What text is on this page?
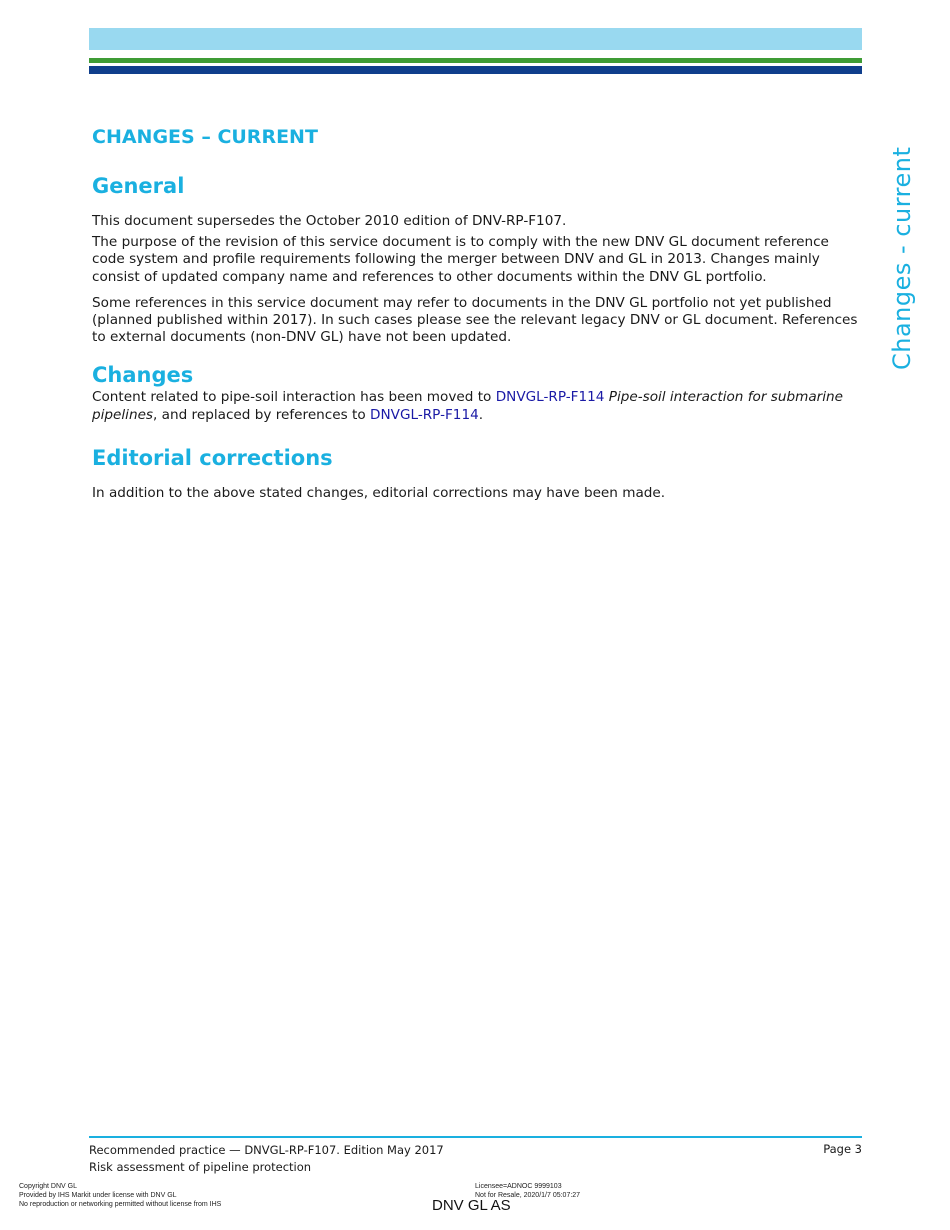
Changes - current
CHANGES – CURRENT
General

This document supersedes the October 2010 edition of DNV-RP-F107.

The purpose of the revision of this service document is to comply with the new DNV GL document reference code system and profile requirements following the merger between DNV and GL in 2013. Changes mainly consist of updated company name and references to other documents within the DNV GL portfolio.

Some references in this service document may refer to documents in the DNV GL portfolio not yet published (planned published within 2017). In such cases please see the relevant legacy DNV or GL document. References to external documents (non-DNV GL) have not been updated.

Changes

Content related to pipe-soil interaction has been moved to DNVGL-RP-F114 Pipe-soil interaction for submarine pipelines, and replaced by references to DNVGL-RP-F114.

Editorial corrections

In addition to the above stated changes, editorial corrections may have been made.

Recommended practice — DNVGL-RP-F107. Edition May 2017
Risk assessment of pipeline protection
Page 3
Copyright DNV GL
Provided by IHS Markit under license with DNV GL
No reproduction or networking permitted without license from IHS
Licensee=ADNOC 9999103
Not for Resale, 2020/1/7 05:07:27
DNV GL AS
